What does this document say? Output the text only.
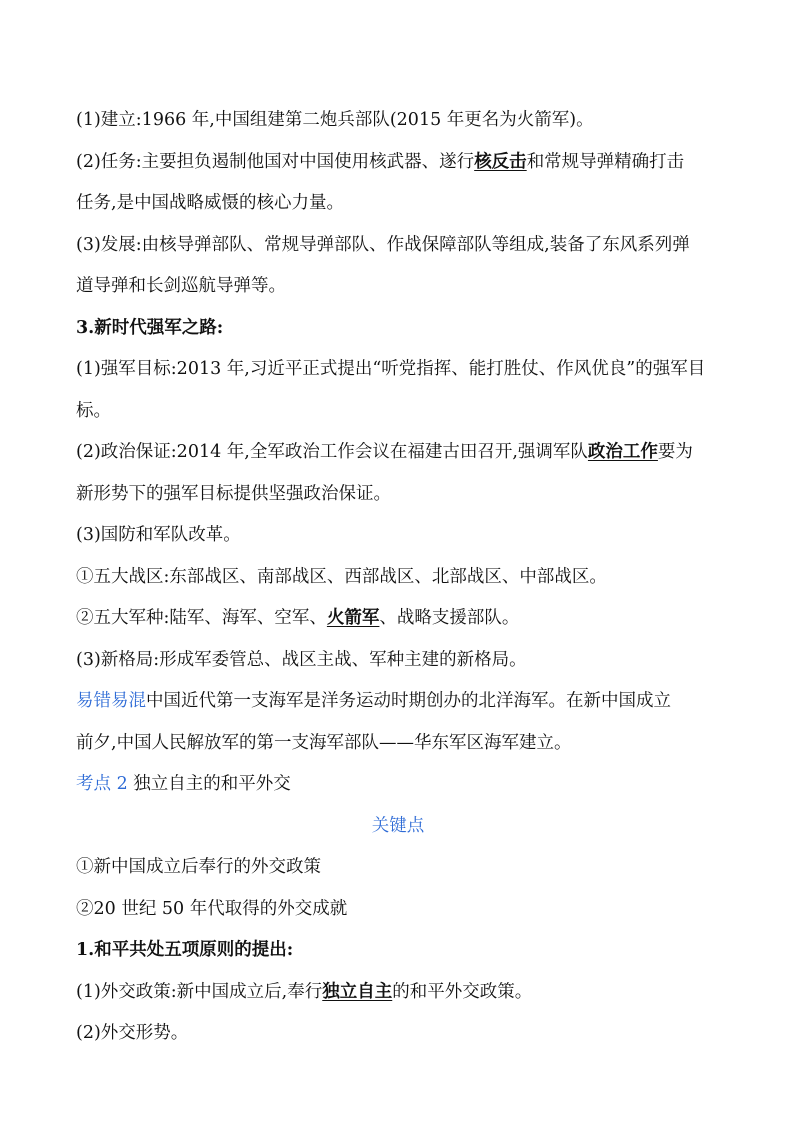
(1)建立:1966 年,中国组建第二炮兵部队(2015 年更名为火箭军)。
(2)任务:主要担负遏制他国对中国使用核武器、遂行核反击和常规导弹精确打击
任务,是中国战略威慑的核心力量。
(3)发展:由核导弹部队、常规导弹部队、作战保障部队等组成,装备了东风系列弹
道导弹和长剑巡航导弹等。
3.新时代强军之路:
(1)强军目标:2013 年,习近平正式提出“听党指挥、能打胜仗、作风优良”的强军目
标。
(2)政治保证:2014 年,全军政治工作会议在福建古田召开,强调军队政治工作要为
新形势下的强军目标提供坚强政治保证。
(3)国防和军队改革。
①五大战区:东部战区、南部战区、西部战区、北部战区、中部战区。
②五大军种:陆军、海军、空军、火箭军、战略支援部队。
(3)新格局:形成军委管总、战区主战、军种主建的新格局。
易错易混中国近代第一支海军是洋务运动时期创办的北洋海军。在新中国成立
前夕,中国人民解放军的第一支海军部队——华东军区海军建立。
考点 2 独立自主的和平外交
关键点
①新中国成立后奉行的外交政策
②20 世纪 50 年代取得的外交成就
1.和平共处五项原则的提出:
(1)外交政策:新中国成立后,奉行独立自主的和平外交政策。
(2)外交形势。
